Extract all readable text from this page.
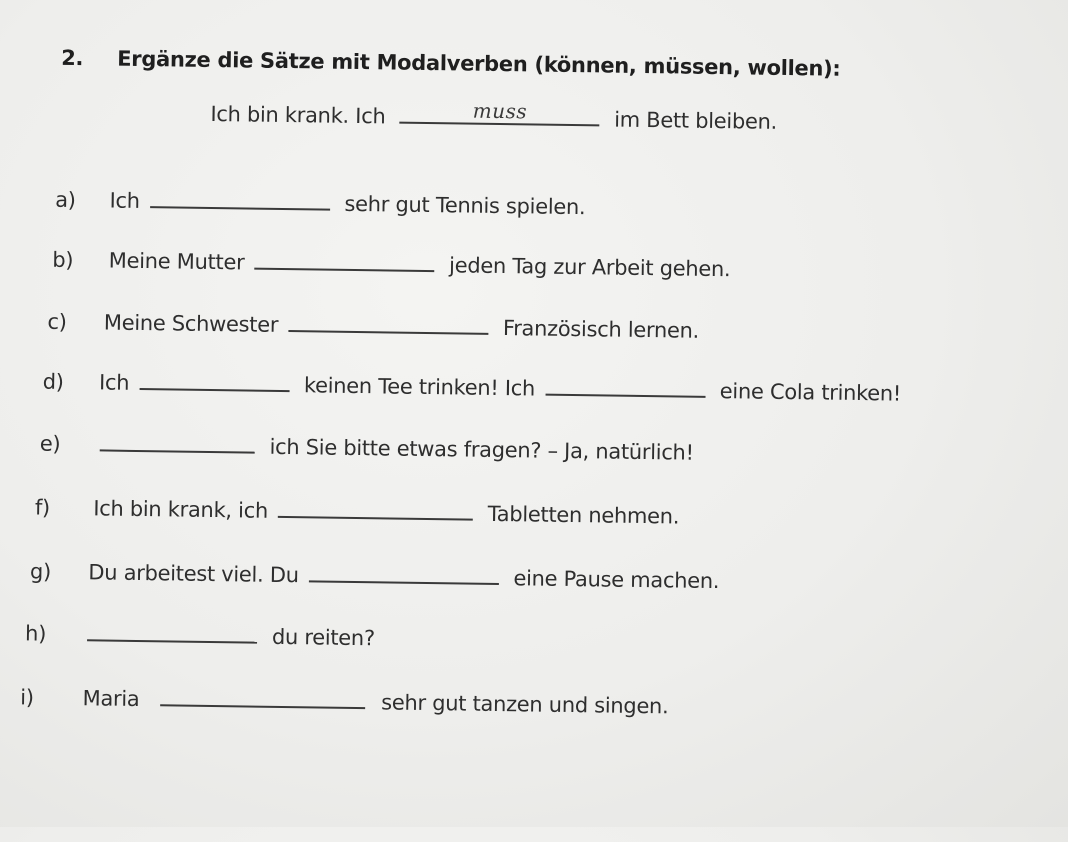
2. Ergänze die Sätze mit Modalverben (können, müssen, wollen):
Ich bin krank. Ich	muss	im Bett bleiben.
a) Ich	sehr gut Tennis spielen.
b) Meine Mutter	jeden Tag zur Arbeit gehen.
c) Meine Schwester	Französisch lernen.
d) Ich	keinen Tee trinken! Ich	eine Cola trinken!
e)	ich Sie bitte etwas fragen? – Ja, natürlich!
f) Ich bin krank, ich	Tabletten nehmen.
g) Du arbeitest viel. Du	eine Pause machen.
h)	du reiten?
i) Maria	sehr gut tanzen und singen.
